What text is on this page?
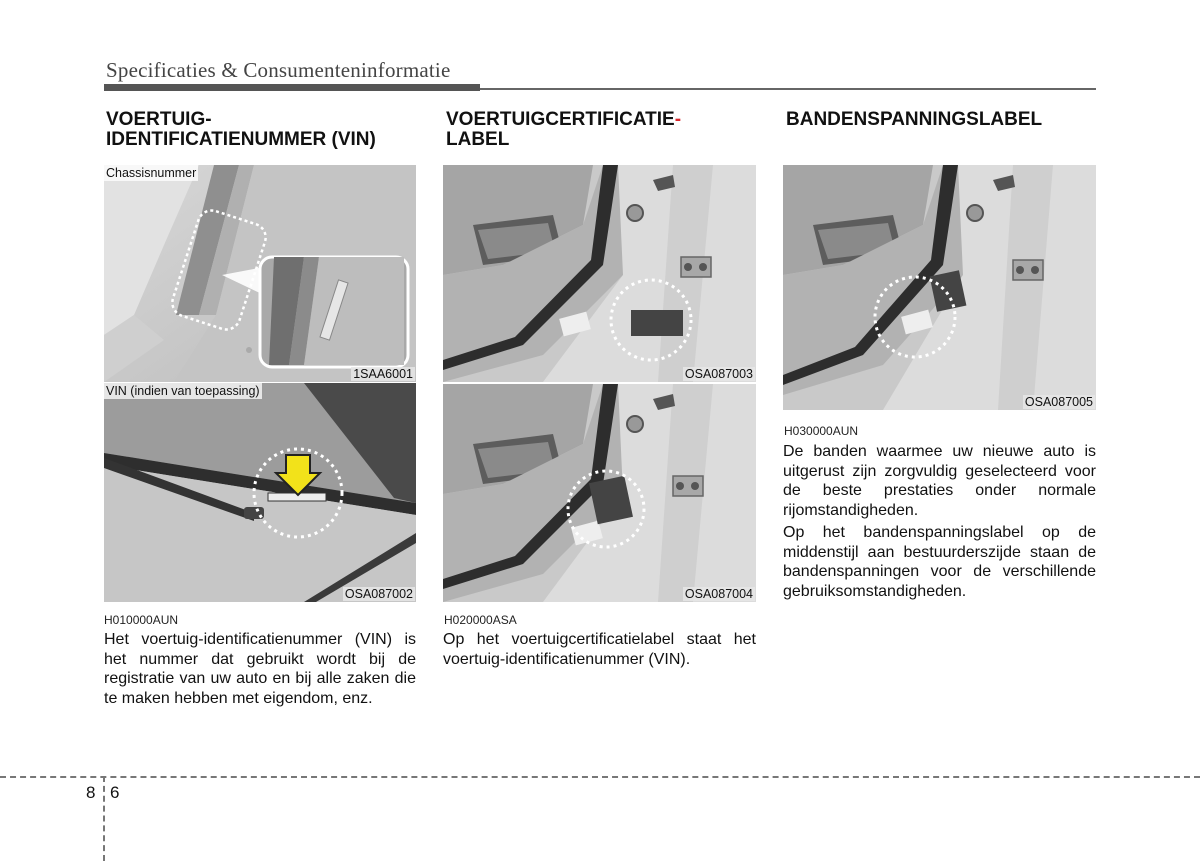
Specificaties & Consumenteninformatie
VOERTUIG-
IDENTIFICATIENUMMER (VIN)
Chassisnummer
1SAA6001
VIN (indien van toepassing)
OSA087002
H010000AUN

Het voertuig-identificatienummer (VIN) is het nummer dat gebruikt wordt bij de registratie van uw auto en bij alle zaken die te maken hebben met eigendom, enz.

VOERTUIGCERTIFICATIE-
LABEL
OSA087003
OSA087004
H020000ASA

Op het voertuigcertificatielabel staat het voertuig-identificatienummer (VIN).

BANDENSPANNINGSLABEL
OSA087005
H030000AUN

De banden waarmee uw nieuwe auto is uitgerust zijn zorgvuldig geselecteerd voor de beste prestaties onder normale rijomstandigheden.

Op het bandenspanningslabel op de middenstijl aan bestuurderszijde staan de bandenspanningen voor de verschillende gebruiksomstandigheden.

8 6
